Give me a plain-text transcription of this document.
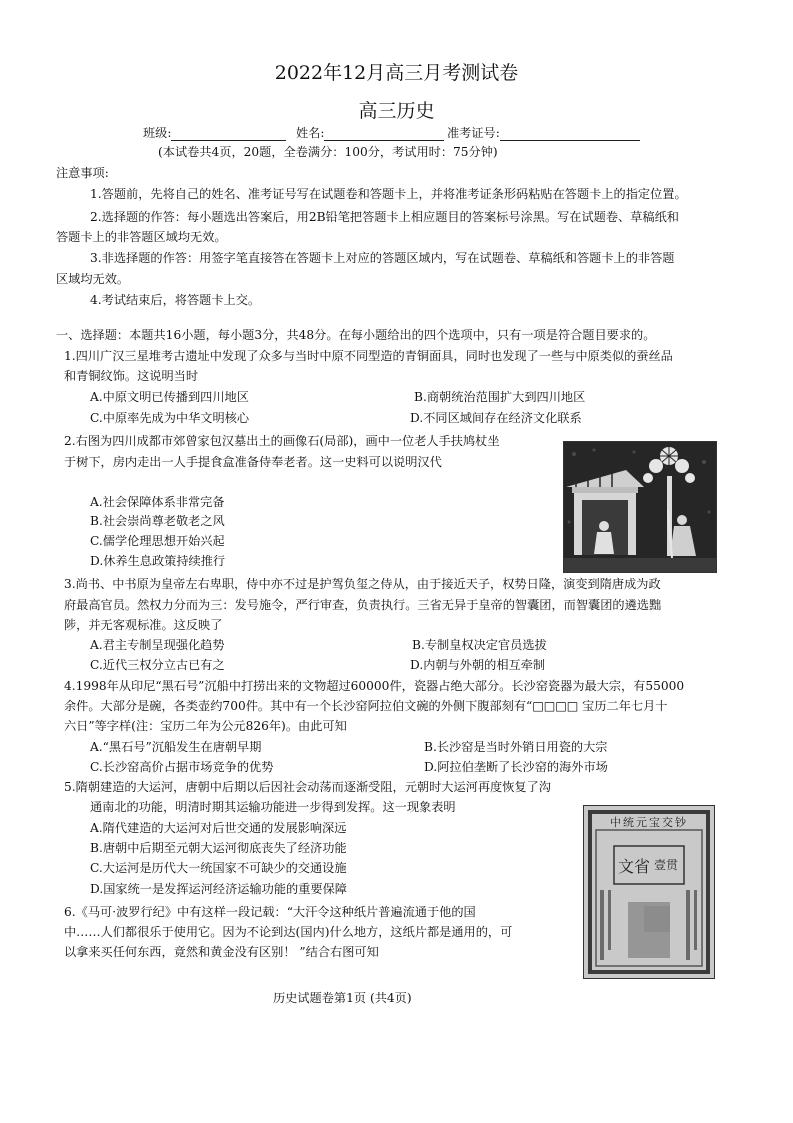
2022年12月高三月考测试卷
高三历史
班级:	姓名:	准考证号:
(本试卷共4页，20题，全卷满分：100分，考试用时：75分钟)
注意事项:
1.答题前，先将自己的姓名、准考证号写在试题卷和答题卡上，并将准考证条形码粘贴在答题卡上的指定位置。
2.选择题的作答：每小题选出答案后，用2B铅笔把答题卡上相应题目的答案标号涂黑。写在试题卷、草稿纸和
答题卡上的非答题区域均无效。
3.非选择题的作答：用签字笔直接答在答题卡上对应的答题区域内，写在试题卷、草稿纸和答题卡上的非答题
区域均无效。
4.考试结束后，将答题卡上交。
一、选择题：本题共16小题，每小题3分，共48分。在每小题给出的四个选项中，只有一项是符合题目要求的。
1.四川广汉三星堆考古遗址中发现了众多与当时中原不同型造的青铜面具，同时也发现了一些与中原类似的蚕丝品
和青铜纹饰。这说明当时
A.中原文明已传播到四川地区	B.商朝统治范围扩大到四川地区
C.中原率先成为中华文明核心	D.不同区域间存在经济文化联系
2.右图为四川成都市郊曾家包汉墓出土的画像石(局部)，画中一位老人手扶鸠杖坐
于树下，房内走出一人手提食盒准备侍奉老者。这一史料可以说明汉代
A.社会保障体系非常完备
B.社会崇尚尊老敬老之风
C.儒学伦理思想开始兴起
D.休养生息政策持续推行
3.尚书、中书原为皇帝左右卑职，侍中亦不过是护驾负玺之侍从，由于接近天子，权势日隆，演变到隋唐成为政
府最高官员。然权力分而为三：发号施令，严行审查，负责执行。三省无异于皇帝的智囊团，而智囊团的遴选黜
陟，并无客观标准。这反映了
A.君主专制呈现强化趋势	B.专制皇权决定官员选拔
C.近代三权分立古已有之	D.内朝与外朝的相互牵制
4.1998年从印尼“黑石号”沉船中打捞出来的文物超过60000件，瓷器占绝大部分。长沙窑瓷器为最大宗，有55000
余件。大部分是碗，各类壶约700件。其中有一个长沙窑阿拉伯文碗的外侧下腹部刻有“□□□□ 宝历二年七月十
六日”等字样(注：宝历二年为公元826年)。由此可知
A.“黑石号”沉船发生在唐朝早期	B.长沙窑是当时外销日用瓷的大宗
C.长沙窑高价占据市场竞争的优势	D.阿拉伯垄断了长沙窑的海外市场
5.隋朝建造的大运河，唐朝中后期以后因社会动荡而逐渐受阻，元朝时大运河再度恢复了沟
通南北的功能，明清时期其运输功能进一步得到发挥。这一现象表明
A.隋代建造的大运河对后世交通的发展影响深远
B.唐朝中后期至元朝大运河彻底丧失了经济功能
C.大运河是历代大一统国家不可缺少的交通设施
D.国家统一是发挥运河经济运输功能的重要保障
6.《马可·波罗行纪》中有这样一段记载：“大汗令这种纸片普遍流通于他的国
中……人们都很乐于使用它。因为不论到达(国内)什么地方，这纸片都是通用的，可
以拿来买任何东西，竟然和黄金没有区别！ ”结合右图可知
中统元宝交钞
文省 壹贯
历史试题卷第1页 (共4页)
